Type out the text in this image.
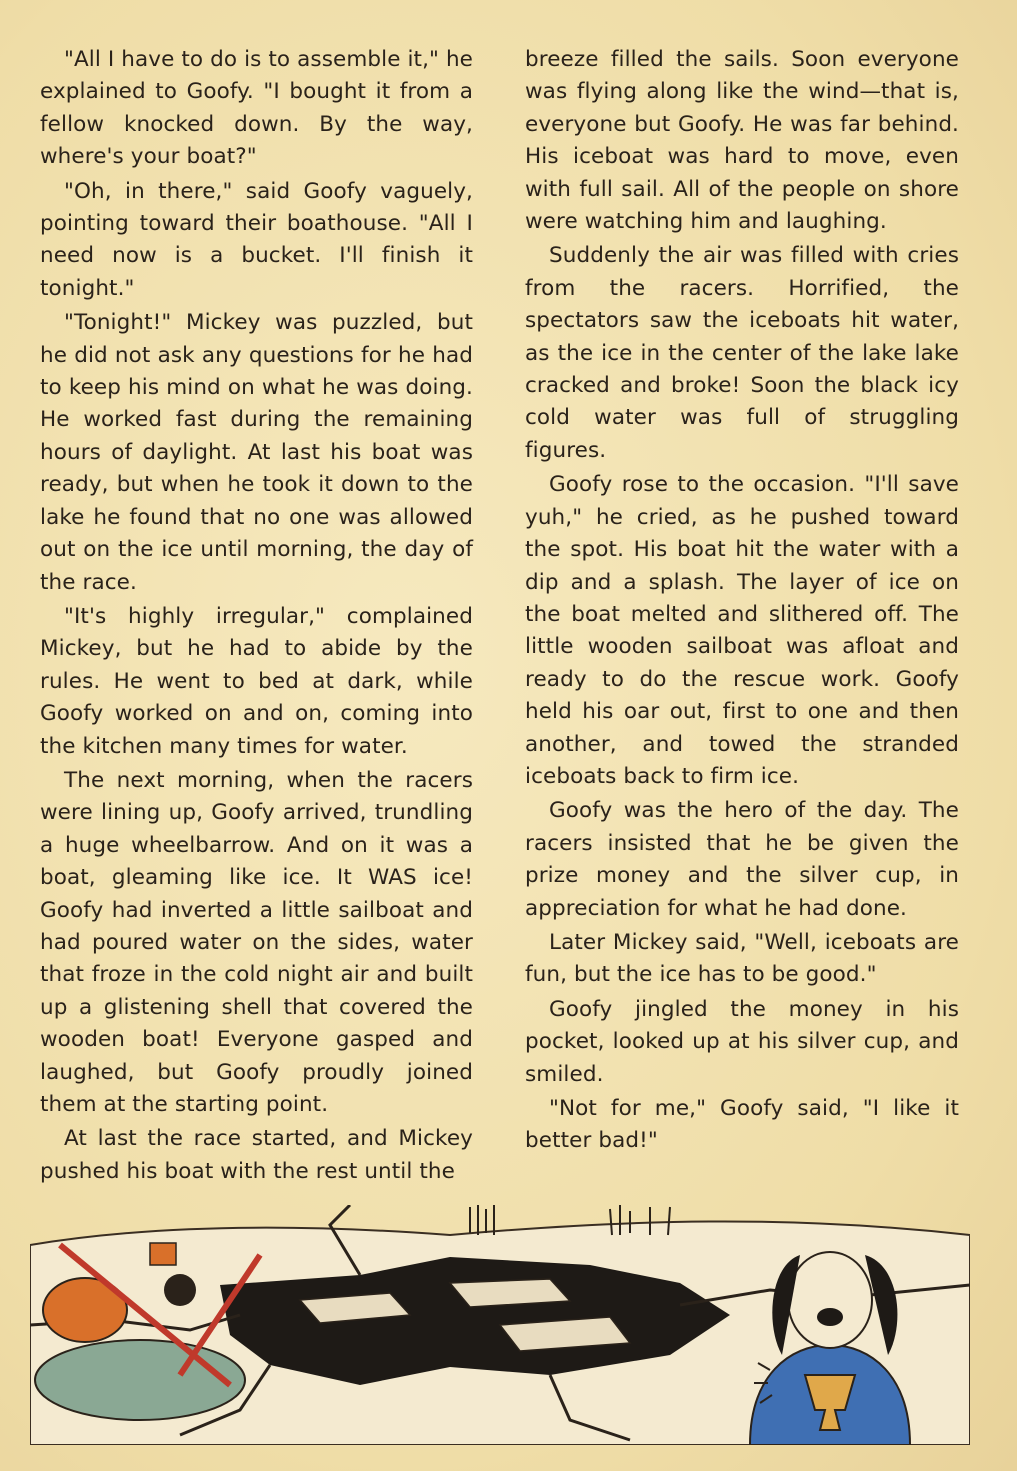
"All I have to do is to assemble it," he explained to Goofy. "I bought it from a fellow knocked down. By the way, where's your boat?"

"Oh, in there," said Goofy vaguely, pointing toward their boathouse. "All I need now is a bucket. I'll finish it tonight."

"Tonight!" Mickey was puzzled, but he did not ask any questions for he had to keep his mind on what he was doing. He worked fast during the remaining hours of daylight. At last his boat was ready, but when he took it down to the lake he found that no one was allowed out on the ice until morning, the day of the race.

"It's highly irregular," complained Mickey, but he had to abide by the rules. He went to bed at dark, while Goofy worked on and on, coming into the kitchen many times for water.

The next morning, when the racers were lining up, Goofy arrived, trundling a huge wheelbarrow. And on it was a boat, gleaming like ice. It WAS ice! Goofy had inverted a little sailboat and had poured water on the sides, water that froze in the cold night air and built up a glistening shell that covered the wooden boat! Everyone gasped and laughed, but Goofy proudly joined them at the starting point.

At last the race started, and Mickey pushed his boat with the rest until the

breeze filled the sails. Soon everyone was flying along like the wind—that is, everyone but Goofy. He was far behind. His iceboat was hard to move, even with full sail. All of the people on shore were watching him and laughing.

Suddenly the air was filled with cries from the racers. Horrified, the spectators saw the iceboats hit water, as the ice in the center of the lake lake cracked and broke! Soon the black icy cold water was full of struggling figures.

Goofy rose to the occasion. "I'll save yuh," he cried, as he pushed toward the spot. His boat hit the water with a dip and a splash. The layer of ice on the boat melted and slithered off. The little wooden sailboat was afloat and ready to do the rescue work. Goofy held his oar out, first to one and then another, and towed the stranded iceboats back to firm ice.

Goofy was the hero of the day. The racers insisted that he be given the prize money and the silver cup, in appreciation for what he had done.

Later Mickey said, "Well, iceboats are fun, but the ice has to be good."

Goofy jingled the money in his pocket, looked up at his silver cup, and smiled.

"Not for me," Goofy said, "I like it better bad!"
